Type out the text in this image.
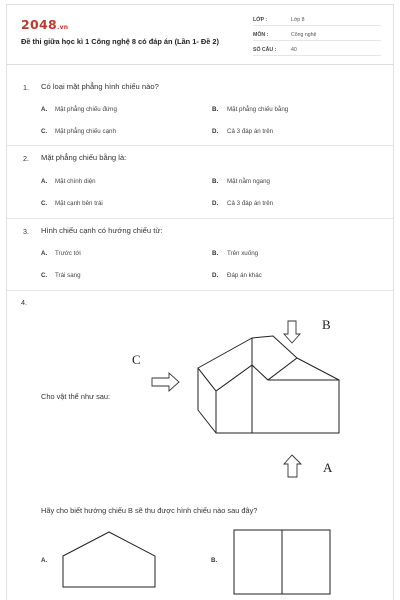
2048.vn
Đề thi giữa học kì 1 Công nghệ 8 có đáp án (Lần 1- Đề 2)
LỚP :	Lớp 8
MÔN :	Công nghệ
SỐ CÂU :	40
1. Có loại mặt phẳng hình chiếu nào?
A. Mặt phẳng chiếu đứng	B. Mặt phẳng chiếu bằng
C. Mặt phẳng chiếu cạnh	D. Cả 3 đáp án trên
2. Mặt phẳng chiếu bằng là:
A. Mặt chính diện	B. Mặt nằm ngang
C. Mặt cạnh bên trái	D. Cả 3 đáp án trên
3. Hình chiếu cạnh có hướng chiếu từ:
A. Trước tới	B. Trên xuống
C. Trái sang	D. Đáp án khác
4.
B
C
A
Cho vật thể như sau:
Hãy cho biết hướng chiếu B sẽ thu được hình chiếu nào sau đây?
A.	B.
